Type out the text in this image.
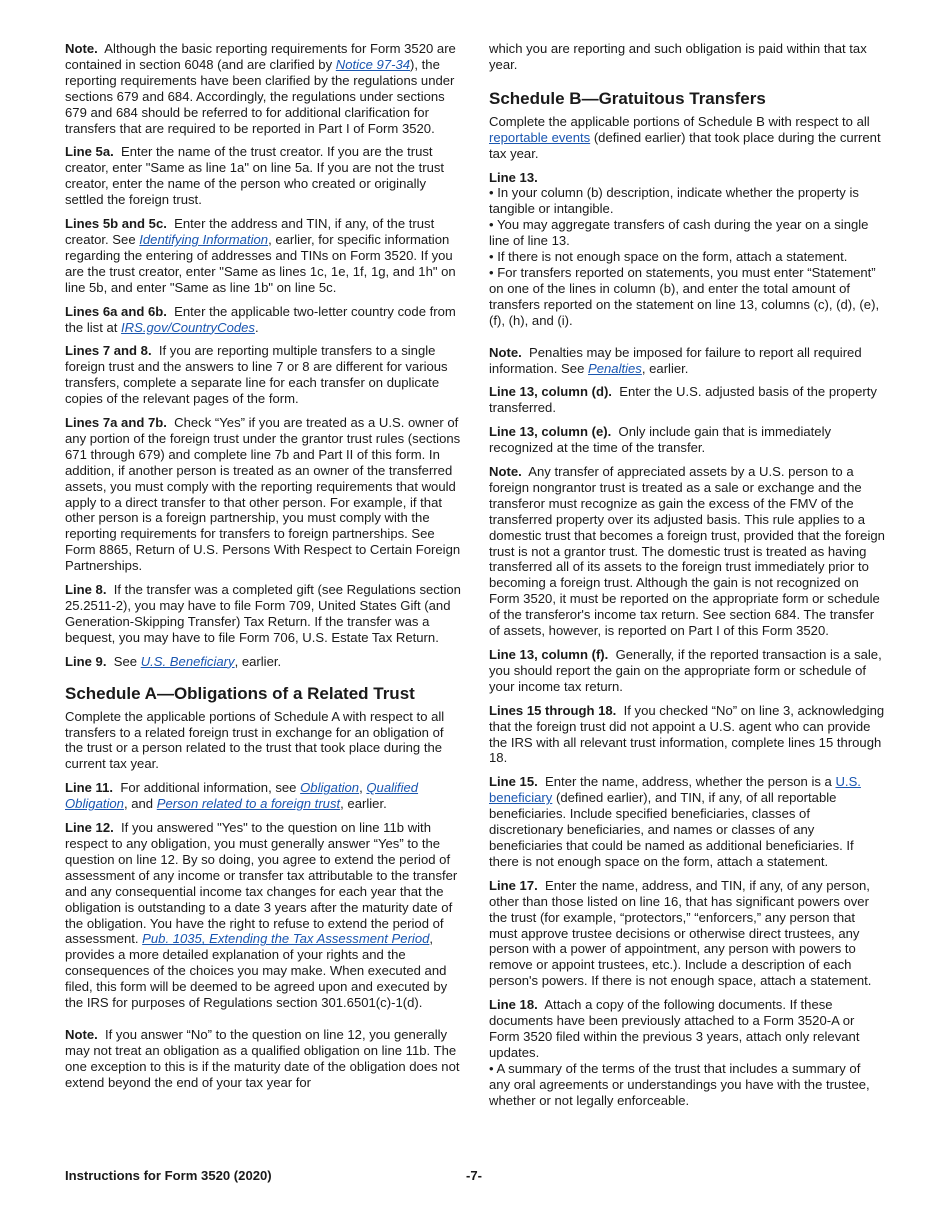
Note. Although the basic reporting requirements for Form 3520 are contained in section 6048 (and are clarified by Notice 97-34), the reporting requirements have been clarified by the regulations under sections 679 and 684. Accordingly, the regulations under sections 679 and 684 should be referred to for additional clarification for transfers that are required to be reported in Part I of Form 3520.

Line 5a. Enter the name of the trust creator. If you are the trust creator, enter "Same as line 1a" on line 5a. If you are not the trust creator, enter the name of the person who created or originally settled the foreign trust.

Lines 5b and 5c. Enter the address and TIN, if any, of the trust creator. See Identifying Information, earlier, for specific information regarding the entering of addresses and TINs on Form 3520. If you are the trust creator, enter "Same as lines 1c, 1e, 1f, 1g, and 1h" on line 5b, and enter "Same as line 1b" on line 5c.

Lines 6a and 6b. Enter the applicable two-letter country code from the list at IRS.gov/CountryCodes.

Lines 7 and 8. If you are reporting multiple transfers to a single foreign trust and the answers to line 7 or 8 are different for various transfers, complete a separate line for each transfer on duplicate copies of the relevant pages of the form.

Lines 7a and 7b. Check “Yes” if you are treated as a U.S. owner of any portion of the foreign trust under the grantor trust rules (sections 671 through 679) and complete line 7b and Part II of this form. In addition, if another person is treated as an owner of the transferred assets, you must comply with the reporting requirements that would apply to a direct transfer to that other person. For example, if that other person is a foreign partnership, you must comply with the reporting requirements for transfers to foreign partnerships. See Form 8865, Return of U.S. Persons With Respect to Certain Foreign Partnerships.

Line 8. If the transfer was a completed gift (see Regulations section 25.2511-2), you may have to file Form 709, United States Gift (and Generation-Skipping Transfer) Tax Return. If the transfer was a bequest, you may have to file Form 706, U.S. Estate Tax Return.

Line 9. See U.S. Beneficiary, earlier.

Schedule A—Obligations of a Related Trust

Complete the applicable portions of Schedule A with respect to all transfers to a related foreign trust in exchange for an obligation of the trust or a person related to the trust that took place during the current tax year.

Line 11. For additional information, see Obligation, Qualified Obligation, and Person related to a foreign trust, earlier.

Line 12. If you answered "Yes" to the question on line 11b with respect to any obligation, you must generally answer “Yes” to the question on line 12. By so doing, you agree to extend the period of assessment of any income or transfer tax attributable to the transfer and any consequential income tax changes for each year that the obligation is outstanding to a date 3 years after the maturity date of the obligation. You have the right to refuse to extend the period of assessment. Pub. 1035, Extending the Tax Assessment Period, provides a more detailed explanation of your rights and the consequences of the choices you may make. When executed and filed, this form will be deemed to be agreed upon and executed by the IRS for purposes of Regulations section 301.6501(c)-1(d).

Note. If you answer “No” to the question on line 12, you generally may not treat an obligation as a qualified obligation on line 11b. The one exception to this is if the maturity date of the obligation does not extend beyond the end of your tax year for

which you are reporting and such obligation is paid within that tax year.

Schedule B—Gratuitous Transfers

Complete the applicable portions of Schedule B with respect to all reportable events (defined earlier) that took place during the current tax year.

Line 13.
• In your column (b) description, indicate whether the property is tangible or intangible.
• You may aggregate transfers of cash during the year on a single line of line 13.
• If there is not enough space on the form, attach a statement.
• For transfers reported on statements, you must enter “Statement” on one of the lines in column (b), and enter the total amount of transfers reported on the statement on line 13, columns (c), (d), (e), (f), (h), and (i).

Note. Penalties may be imposed for failure to report all required information. See Penalties, earlier.

Line 13, column (d). Enter the U.S. adjusted basis of the property transferred.

Line 13, column (e). Only include gain that is immediately recognized at the time of the transfer.

Note. Any transfer of appreciated assets by a U.S. person to a foreign nongrantor trust is treated as a sale or exchange and the transferor must recognize as gain the excess of the FMV of the transferred property over its adjusted basis. This rule applies to a domestic trust that becomes a foreign trust, provided that the foreign trust is not a grantor trust. The domestic trust is treated as having transferred all of its assets to the foreign trust immediately prior to becoming a foreign trust. Although the gain is not recognized on Form 3520, it must be reported on the appropriate form or schedule of the transferor's income tax return. See section 684. The transfer of assets, however, is reported on Part I of this Form 3520.

Line 13, column (f). Generally, if the reported transaction is a sale, you should report the gain on the appropriate form or schedule of your income tax return.

Lines 15 through 18. If you checked “No” on line 3, acknowledging that the foreign trust did not appoint a U.S. agent who can provide the IRS with all relevant trust information, complete lines 15 through 18.

Line 15. Enter the name, address, whether the person is a U.S. beneficiary (defined earlier), and TIN, if any, of all reportable beneficiaries. Include specified beneficiaries, classes of discretionary beneficiaries, and names or classes of any beneficiaries that could be named as additional beneficiaries. If there is not enough space on the form, attach a statement.

Line 17. Enter the name, address, and TIN, if any, of any person, other than those listed on line 16, that has significant powers over the trust (for example, “protectors,” “enforcers,” any person that must approve trustee decisions or otherwise direct trustees, any person with a power of appointment, any person with powers to remove or appoint trustees, etc.). Include a description of each person's powers. If there is not enough space, attach a statement.

Line 18. Attach a copy of the following documents. If these documents have been previously attached to a Form 3520-A or Form 3520 filed within the previous 3 years, attach only relevant updates.
• A summary of the terms of the trust that includes a summary of any oral agreements or understandings you have with the trustee, whether or not legally enforceable.
Instructions for Form 3520 (2020)	-7-
